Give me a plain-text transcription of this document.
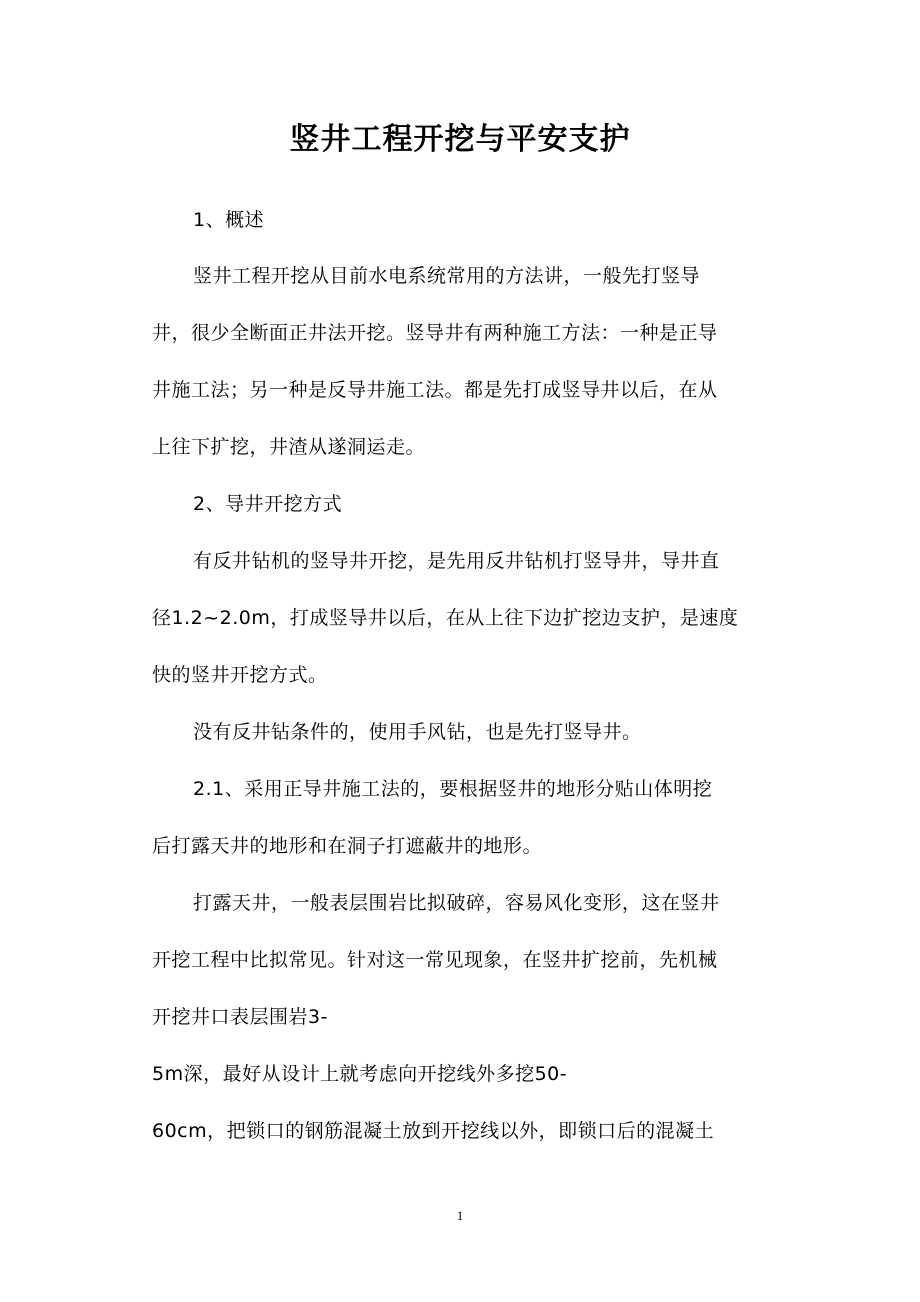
竖井工程开挖与平安支护
1、概述
竖井工程开挖从目前水电系统常用的方法讲，一般先打竖导
井，很少全断面正井法开挖。竖导井有两种施工方法：一种是正导
井施工法；另一种是反导井施工法。都是先打成竖导井以后，在从
上往下扩挖，井渣从遂洞运走。
2、导井开挖方式
有反井钻机的竖导井开挖，是先用反井钻机打竖导井，导井直
径1.2~2.0m，打成竖导井以后，在从上往下边扩挖边支护，是速度
快的竖井开挖方式。
没有反井钻条件的，使用手风钻，也是先打竖导井。
2.1、采用正导井施工法的，要根据竖井的地形分贴山体明挖
后打露天井的地形和在洞子打遮蔽井的地形。
打露天井，一般表层围岩比拟破碎，容易风化变形，这在竖井
开挖工程中比拟常见。针对这一常见现象，在竖井扩挖前，先机械
开挖井口表层围岩3-
5m深，最好从设计上就考虑向开挖线外多挖50-
60cm，把锁口的钢筋混凝土放到开挖线以外，即锁口后的混凝土
1
